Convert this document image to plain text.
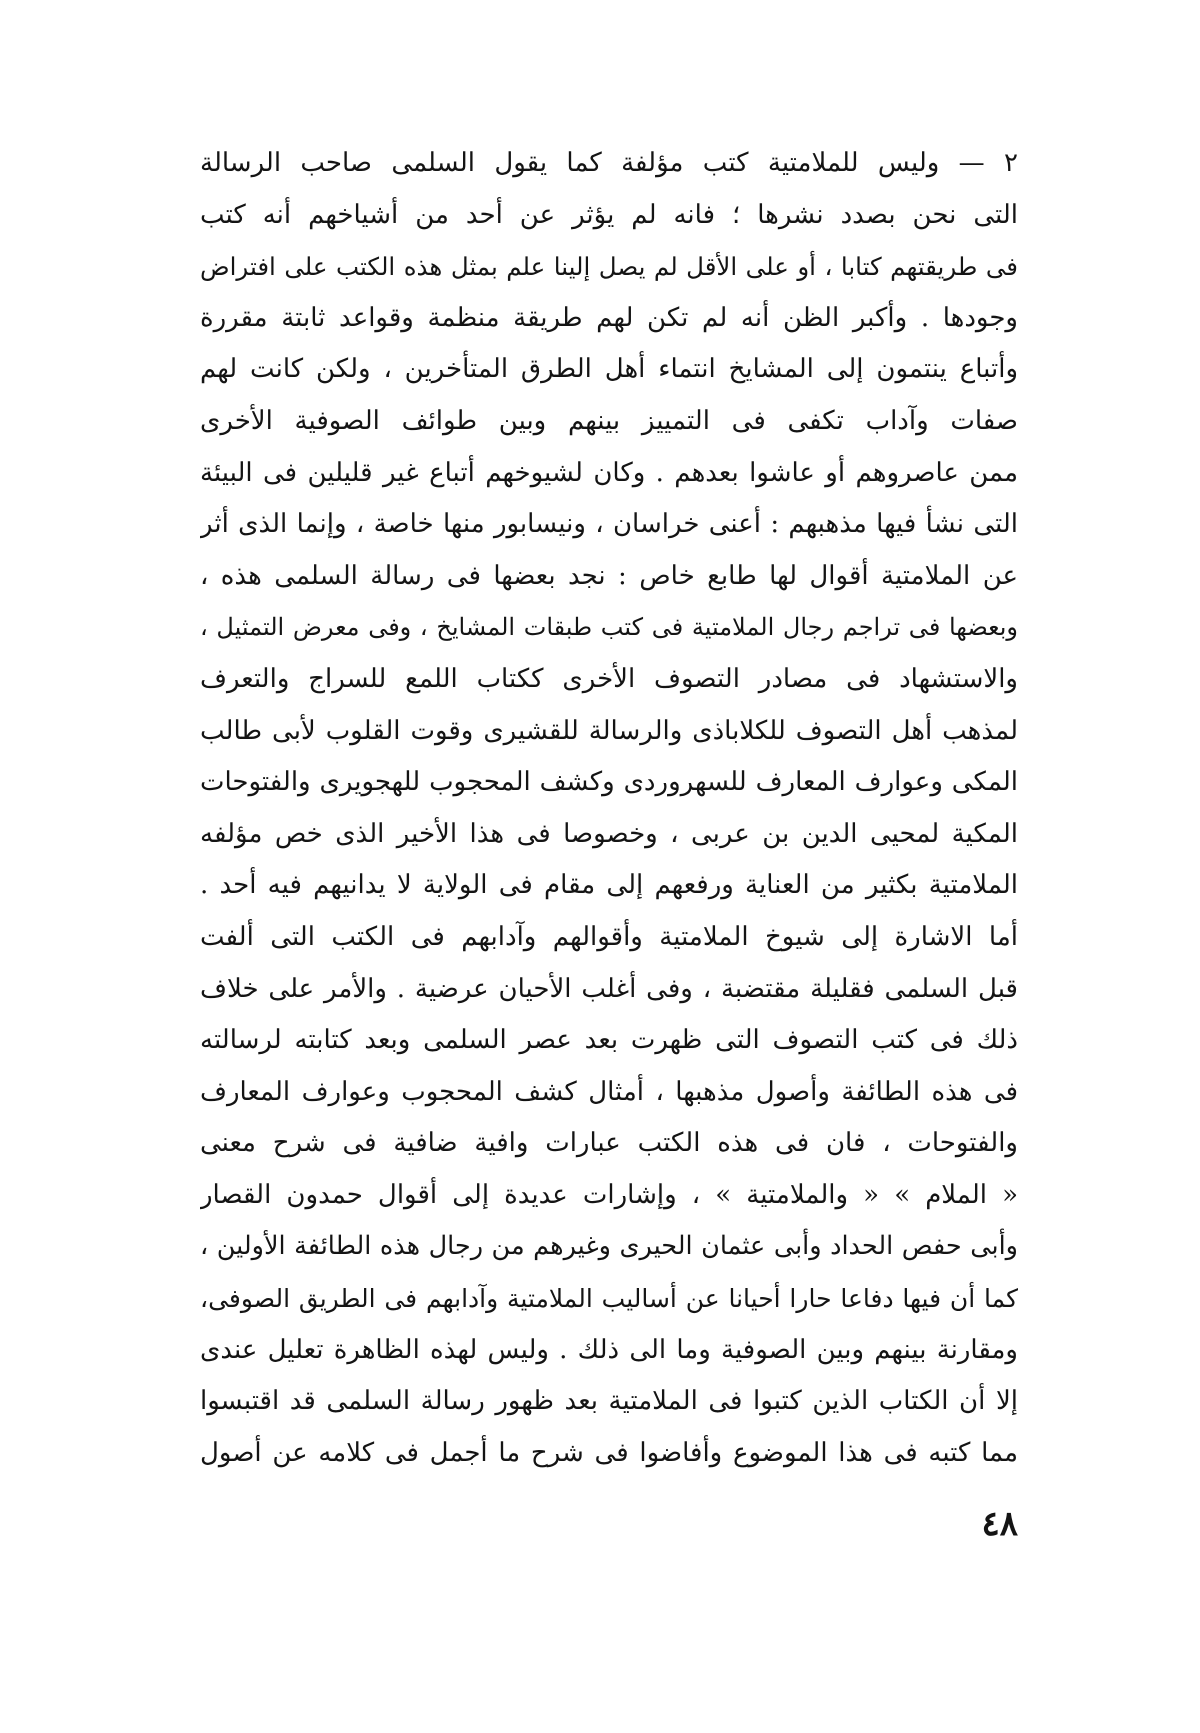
٢ — وليس للملامتية كتب مؤلفة كما يقول السلمى صاحب الرسالة
التى نحن بصدد نشرها ؛ فانه لم يؤثر عن أحد من أشياخهم أنه كتب
فى طريقتهم كتابا ، أو على الأقل لم يصل إلينا علم بمثل هذه الكتب على افتراض
وجودها . وأكبر الظن أنه لم تكن لهم طريقة منظمة وقواعد ثابتة مقررة
وأتباع ينتمون إلى المشايخ انتماء أهل الطرق المتأخرين ، ولكن كانت لهم
صفات وآداب تكفى فى التمييز بينهم وبين طوائف الصوفية الأخرى
ممن عاصروهم أو عاشوا بعدهم . وكان لشيوخهم أتباع غير قليلين فى البيئة
التى نشأ فيها مذهبهم : أعنى خراسان ، ونيسابور منها خاصة ، وإنما الذى أثر
عن الملامتية أقوال لها طابع خاص : نجد بعضها فى رسالة السلمى هذه ،
وبعضها فى تراجم رجال الملامتية فى كتب طبقات المشايخ ، وفى معرض التمثيل ،
والاستشهاد فى مصادر التصوف الأخرى ككتاب اللمع للسراج والتعرف
لمذهب أهل التصوف للكلاباذى والرسالة للقشيرى وقوت القلوب لأبى طالب
المكى وعوارف المعارف للسهروردى وكشف المحجوب للهجويرى والفتوحات
المكية لمحيى الدين بن عربى ، وخصوصا فى هذا الأخير الذى خص مؤلفه
الملامتية بكثير من العناية ورفعهم إلى مقام فى الولاية لا يدانيهم فيه أحد .
أما الاشارة إلى شيوخ الملامتية وأقوالهم وآدابهم فى الكتب التى ألفت
قبل السلمى فقليلة مقتضبة ، وفى أغلب الأحيان عرضية . والأمر على خلاف
ذلك فى كتب التصوف التى ظهرت بعد عصر السلمى وبعد كتابته لرسالته
فى هذه الطائفة وأصول مذهبها ، أمثال كشف المحجوب وعوارف المعارف
والفتوحات ، فان فى هذه الكتب عبارات وافية ضافية فى شرح معنى
« الملام » « والملامتية » ، وإشارات عديدة إلى أقوال حمدون القصار
وأبى حفص الحداد وأبى عثمان الحيرى وغيرهم من رجال هذه الطائفة الأولين ،
كما أن فيها دفاعا حارا أحيانا عن أساليب الملامتية وآدابهم فى الطريق الصوفى،
ومقارنة بينهم وبين الصوفية وما الى ذلك . وليس لهذه الظاهرة تعليل عندى
إلا أن الكتاب الذين كتبوا فى الملامتية بعد ظهور رسالة السلمى قد اقتبسوا
مما كتبه فى هذا الموضوع وأفاضوا فى شرح ما أجمل فى كلامه عن أصول
٤٨
